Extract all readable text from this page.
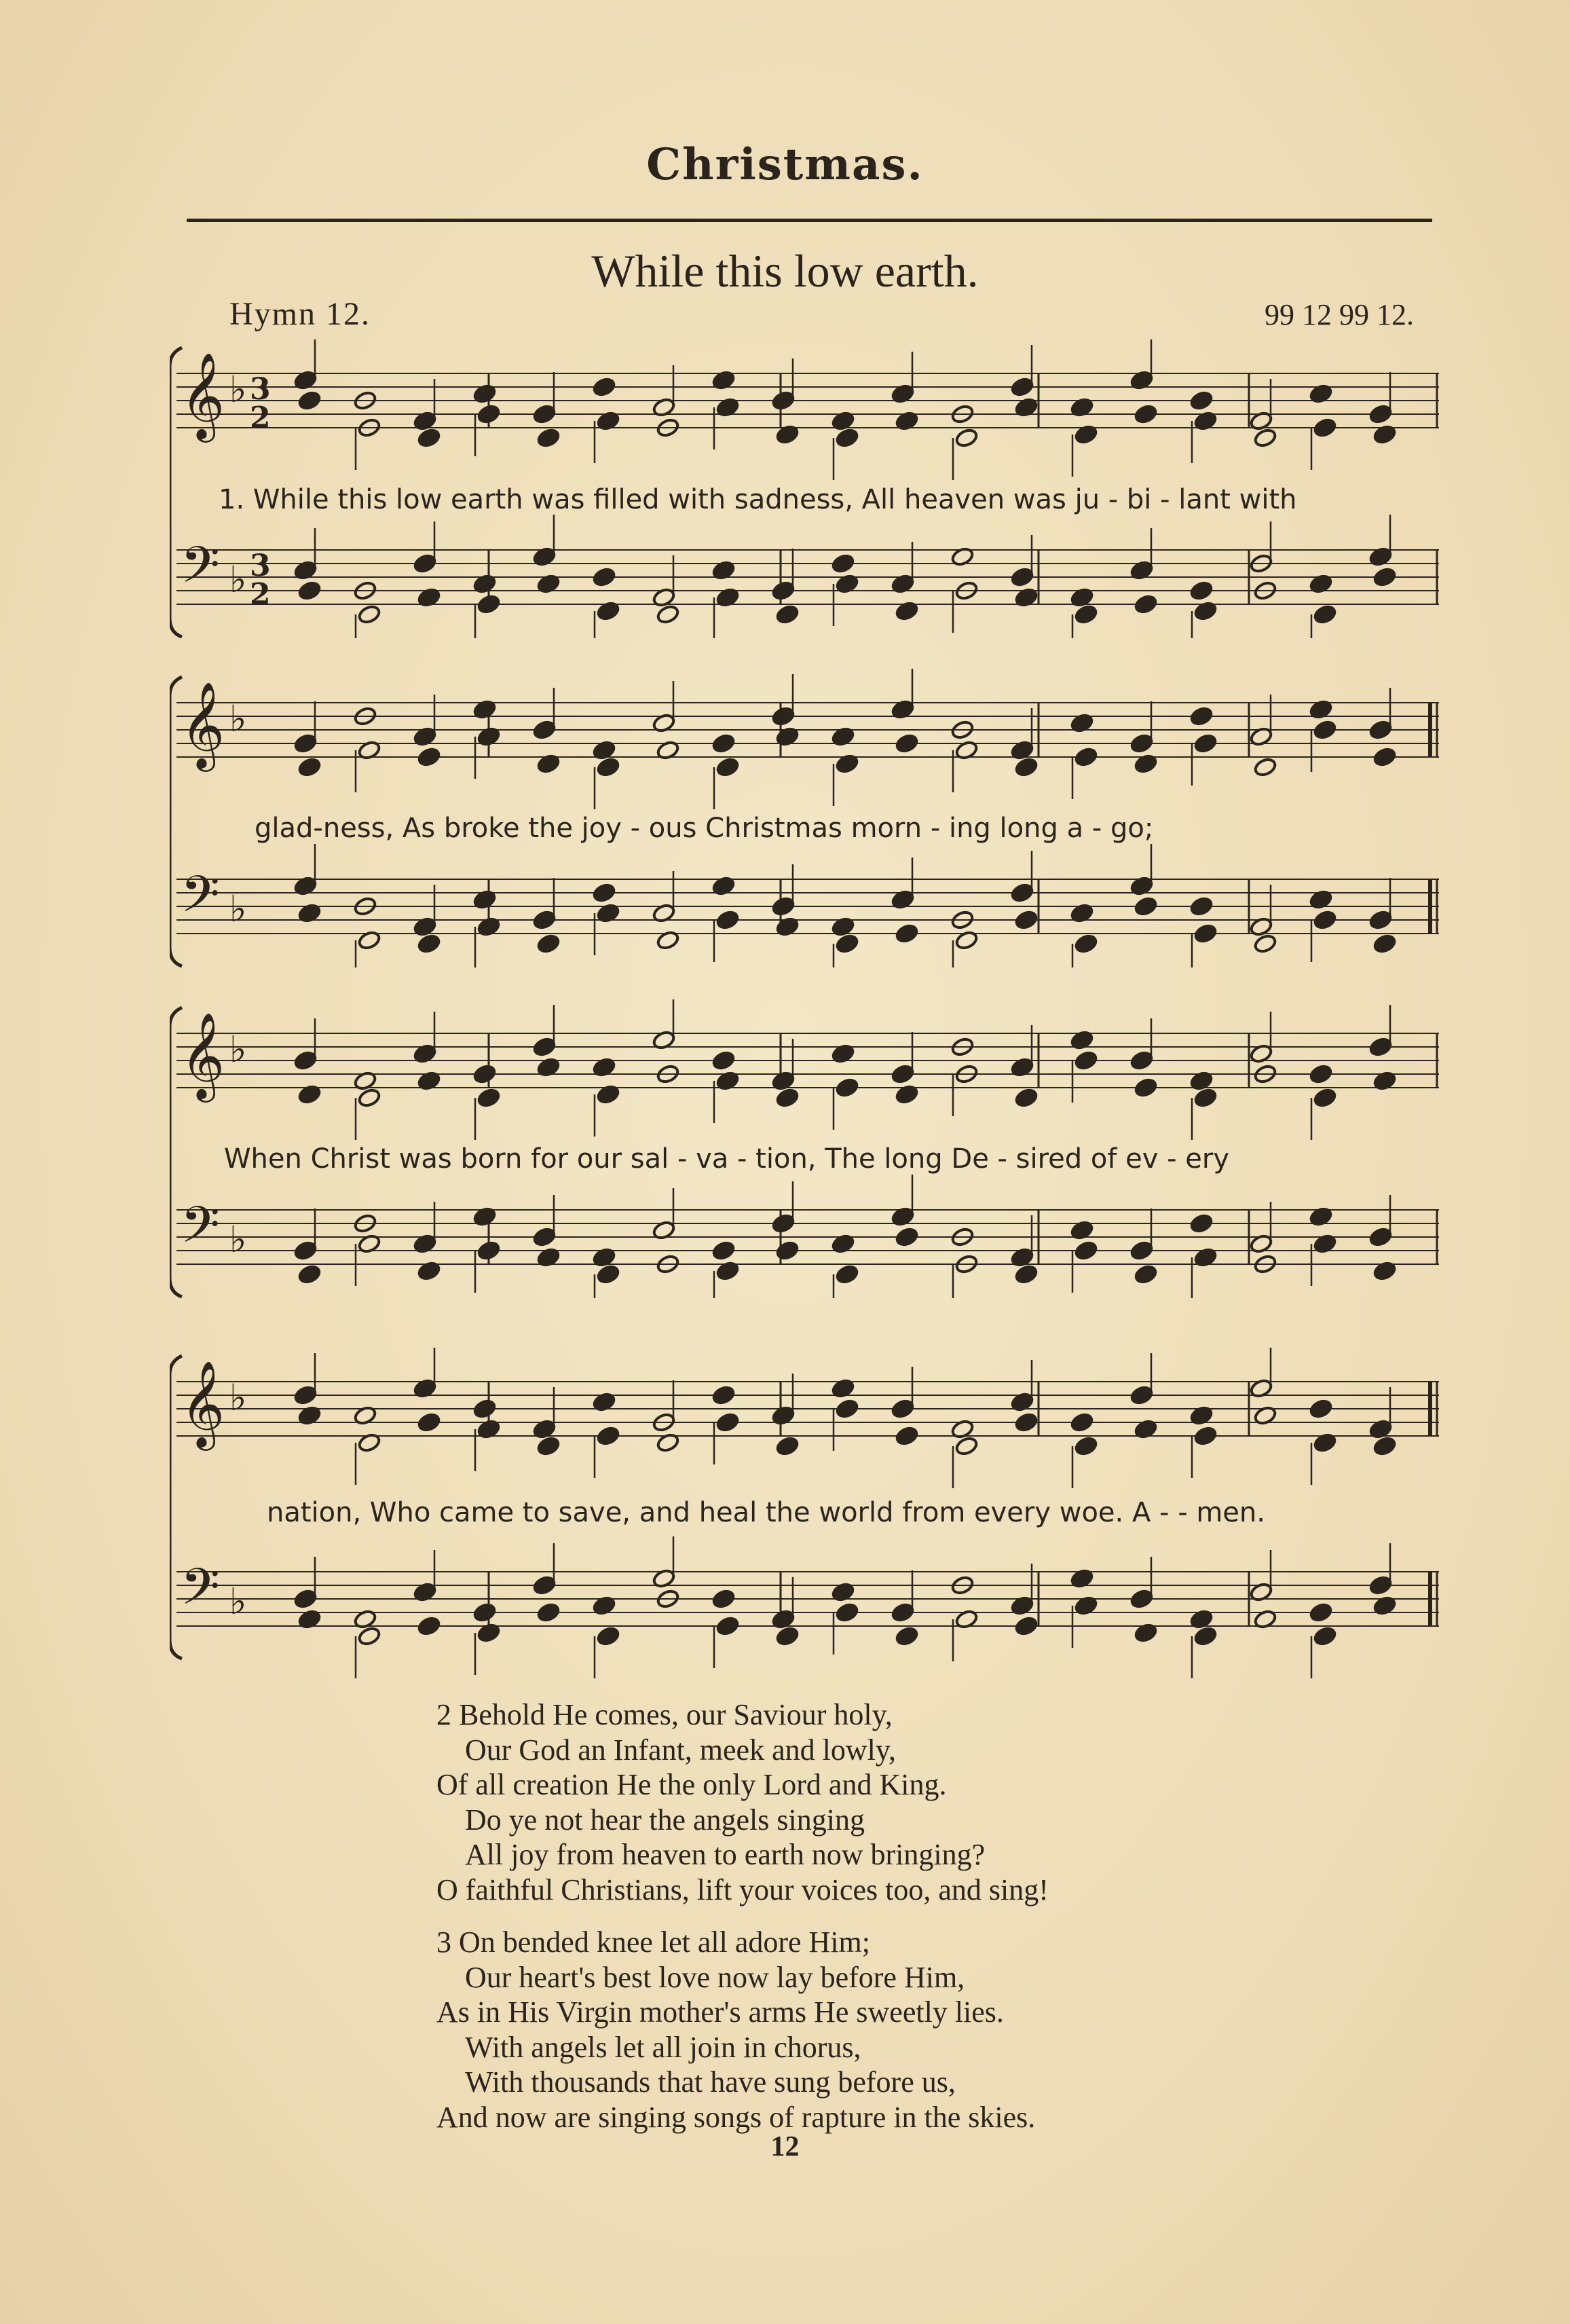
Christmas.
While this low earth.
Hymn 12.	99 12 99 12.
𝄞 ♭ 3
2
𝄢 ♭ 3
2
1. While this low earth was filled with sadness, All heaven was ju - bi - lant with
𝄞 ♭
𝄢 ♭
glad-ness, As broke the joy - ous Christmas morn - ing long a - go;
𝄞 ♭
𝄢 ♭
When Christ was born for our sal - va - tion, The long De - sired of ev - ery
𝄞 ♭
𝄢 ♭
nation, Who came to save, and heal the world from every woe. A - - men.
2 Behold He comes, our Saviour holy,
Our God an Infant, meek and lowly,
Of all creation He the only Lord and King.
Do ye not hear the angels singing
All joy from heaven to earth now bringing?
O faithful Christians, lift your voices too, and sing!
3 On bended knee let all adore Him;
Our heart's best love now lay before Him,
As in His Virgin mother's arms He sweetly lies.
With angels let all join in chorus,
With thousands that have sung before us,
And now are singing songs of rapture in the skies.
12
